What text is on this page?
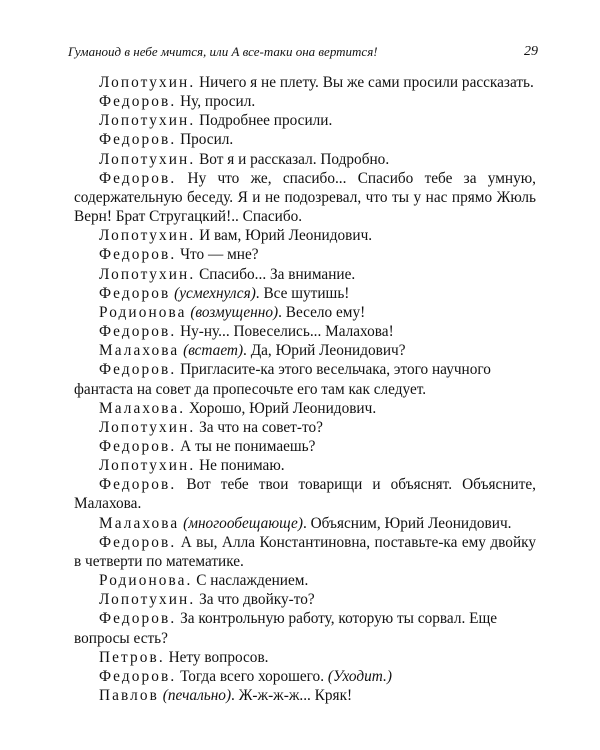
Гуманоид в небе мчится, или А все-таки она вертится!	29

Лопотухин. Ничего я не плету. Вы же сами просили рассказать.

Федоров. Ну, просил.

Лопотухин. Подробнее просили.

Федоров. Просил.

Лопотухин. Вот я и рассказал. Подробно.

Федоров. Ну что же, спасибо... Спасибо тебе за умную, содержательную беседу. Я и не подозревал, что ты у нас прямо Жюль Верн! Брат Стругацкий!.. Спасибо.

Лопотухин. И вам, Юрий Леонидович.

Федоров. Что — мне?

Лопотухин. Спасибо... За внимание.

Федоров (усмехнулся). Все шутишь!

Родионова (возмущенно). Весело ему!

Федоров. Ну-ну... Повеселись... Малахова!

Малахова (встает). Да, Юрий Леонидович?

Федоров. Пригласите-ка этого весельчака, этого научного фантаста на совет да пропесочьте его там как следует.

Малахова. Хорошо, Юрий Леонидович.

Лопотухин. За что на совет-то?

Федоров. А ты не понимаешь?

Лопотухин. Не понимаю.

Федоров. Вот тебе твои товарищи и объяснят. Объясните, Малахова.

Малахова (многообещающе). Объясним, Юрий Леонидович.

Федоров. А вы, Алла Константиновна, поставьте-ка ему двойку в четверти по математике.

Родионова. С наслаждением.

Лопотухин. За что двойку-то?

Федоров. За контрольную работу, которую ты сорвал. Еще вопросы есть?

Петров. Нету вопросов.

Федоров. Тогда всего хорошего. (Уходит.)

Павлов (печально). Ж-ж-ж-ж... Кряк!
